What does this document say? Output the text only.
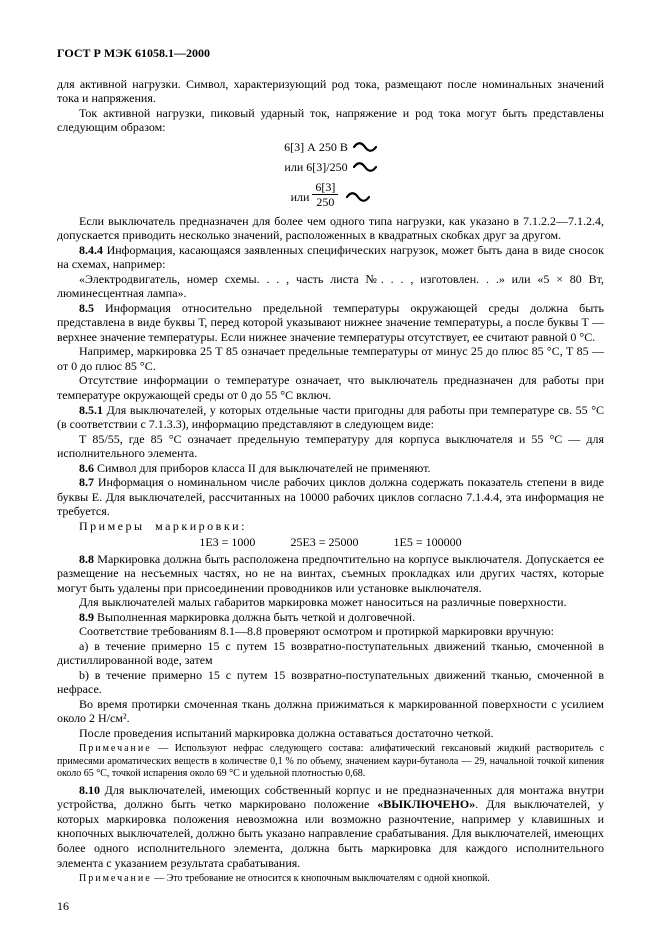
ГОСТ Р МЭК 61058.1—2000

для активной нагрузки. Символ, характеризующий род тока, размещают после номинальных значений тока и напряжения.

Ток активной нагрузки, пиковый ударный ток, напряжение и род тока могут быть представлены следующим образом:

6[3] А 250 В
или 6[3]/250
или $\frac{6[3]}{250}$

Если выключатель предназначен для более чем одного типа нагрузки, как указано в 7.1.2.2—7.1.2.4, допускается приводить несколько значений, расположенных в квадратных скобках друг за другом.

8.4.4 Информация, касающаяся заявленных специфических нагрузок, может быть дана в виде сносок на схемах, например:

«Электродвигатель, номер схемы. . . , часть листа №. . . , изготовлен. . .» или «5 × 80 Вт, люминесцентная лампа».

8.5 Информация относительно предельной температуры окружающей среды должна быть представлена в виде буквы Т, перед которой указывают нижнее значение температуры, а после буквы Т — верхнее значение температуры. Если нижнее значение температуры отсутствует, ее считают равной 0 °С.

Например, маркировка 25 Т 85 означает предельные температуры от минус 25 до плюс 85 °С, Т 85 — от 0 до плюс 85 °С.

Отсутствие информации о температуре означает, что выключатель предназначен для работы при температуре окружающей среды от 0 до 55 °С включ.

8.5.1 Для выключателей, у которых отдельные части пригодны для работы при температуре св. 55 °С (в соответствии с 7.1.3.3), информацию представляют в следующем виде:

Т 85/55, где 85 °С означает предельную температуру для корпуса выключателя и 55 °С — для исполнительного элемента.

8.6 Символ для приборов класса II для выключателей не применяют.

8.7 Информация о номинальном числе рабочих циклов должна содержать показатель степени в виде буквы Е. Для выключателей, рассчитанных на 10000 рабочих циклов согласно 7.1.4.4, эта информация не требуется.

Примеры маркировки:

1Е3 = 1000	25Е3 = 25000	1Е5 = 100000

8.8 Маркировка должна быть расположена предпочтительно на корпусе выключателя. Допускается ее размещение на несъемных частях, но не на винтах, съемных прокладках или других частях, которые могут быть удалены при присоединении проводников или установке выключателя.

Для выключателей малых габаритов маркировка может наноситься на различные поверхности.

8.9 Выполненная маркировка должна быть четкой и долговечной.

Соответствие требованиям 8.1—8.8 проверяют осмотром и протиркой маркировки вручную:

а) в течение примерно 15 с путем 15 возвратно-поступательных движений тканью, смоченной в дистиллированной воде, затем

b) в течение примерно 15 с путем 15 возвратно-поступательных движений тканью, смоченной в нефрасе.

Во время протирки смоченная ткань должна прижиматься к маркированной поверхности с усилием около 2 Н/см².

После проведения испытаний маркировка должна оставаться достаточно четкой.

Примечание — Используют нефрас следующего состава: алифатический гексановый жидкий растворитель с примесями ароматических веществ в количестве 0,1 % по объему, значением каури-бутанола — 29, начальной точкой кипения около 65 °С, точкой испарения около 69 °С и удельной плотностью 0,68.

8.10 Для выключателей, имеющих собственный корпус и не предназначенных для монтажа внутри устройства, должно быть четко маркировано положение «ВЫКЛЮЧЕНО». Для выключателей, у которых маркировка положения невозможна или возможно разночтение, например у клавишных и кнопочных выключателей, должно быть указано направление срабатывания. Для выключателей, имеющих более одного исполнительного элемента, должна быть маркировка для каждого исполнительного элемента с указанием результата срабатывания.

Примечание — Это требование не относится к кнопочным выключателям с одной кнопкой.

16
